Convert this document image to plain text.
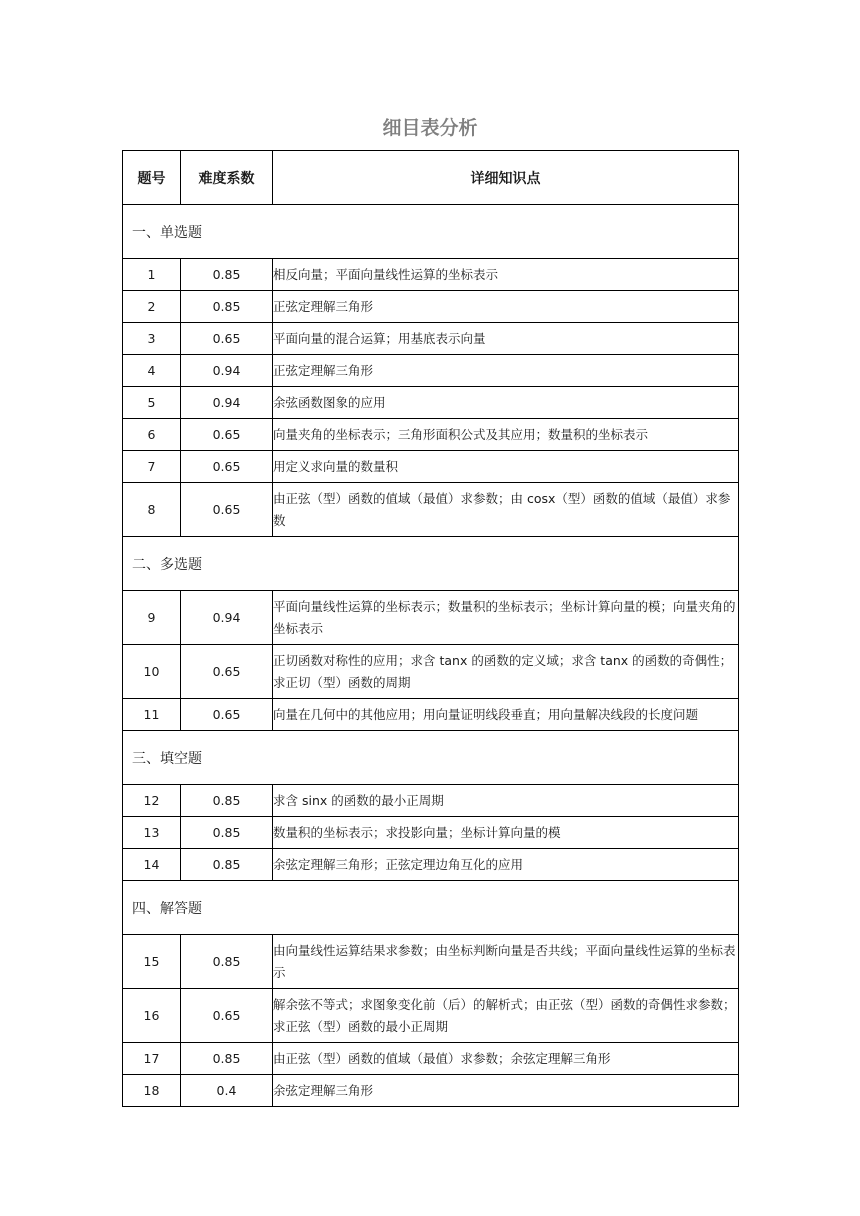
细目表分析
题号	难度系数	详细知识点
一、单选题		
1	0.85	相反向量；平面向量线性运算的坐标表示
2	0.85	正弦定理解三角形
3	0.65	平面向量的混合运算；用基底表示向量
4	0.94	正弦定理解三角形
5	0.94	余弦函数图象的应用
6	0.65	向量夹角的坐标表示；三角形面积公式及其应用；数量积的坐标表示
7	0.65	用定义求向量的数量积
8	0.65	由正弦（型）函数的值域（最值）求参数；由 cosx（型）函数的值域（最值）求参数
二、多选题		
9	0.94	平面向量线性运算的坐标表示；数量积的坐标表示；坐标计算向量的模；向量夹角的坐标表示
10	0.65	正切函数对称性的应用；求含 tanx 的函数的定义域；求含 tanx 的函数的奇偶性；求正切（型）函数的周期
11	0.65	向量在几何中的其他应用；用向量证明线段垂直；用向量解决线段的长度问题
三、填空题		
12	0.85	求含 sinx 的函数的最小正周期
13	0.85	数量积的坐标表示；求投影向量；坐标计算向量的模
14	0.85	余弦定理解三角形；正弦定理边角互化的应用
四、解答题		
15	0.85	由向量线性运算结果求参数；由坐标判断向量是否共线；平面向量线性运算的坐标表示
16	0.65	解余弦不等式；求图象变化前（后）的解析式；由正弦（型）函数的奇偶性求参数；求正弦（型）函数的最小正周期
17	0.85	由正弦（型）函数的值域（最值）求参数；余弦定理解三角形
18	0.4	余弦定理解三角形
